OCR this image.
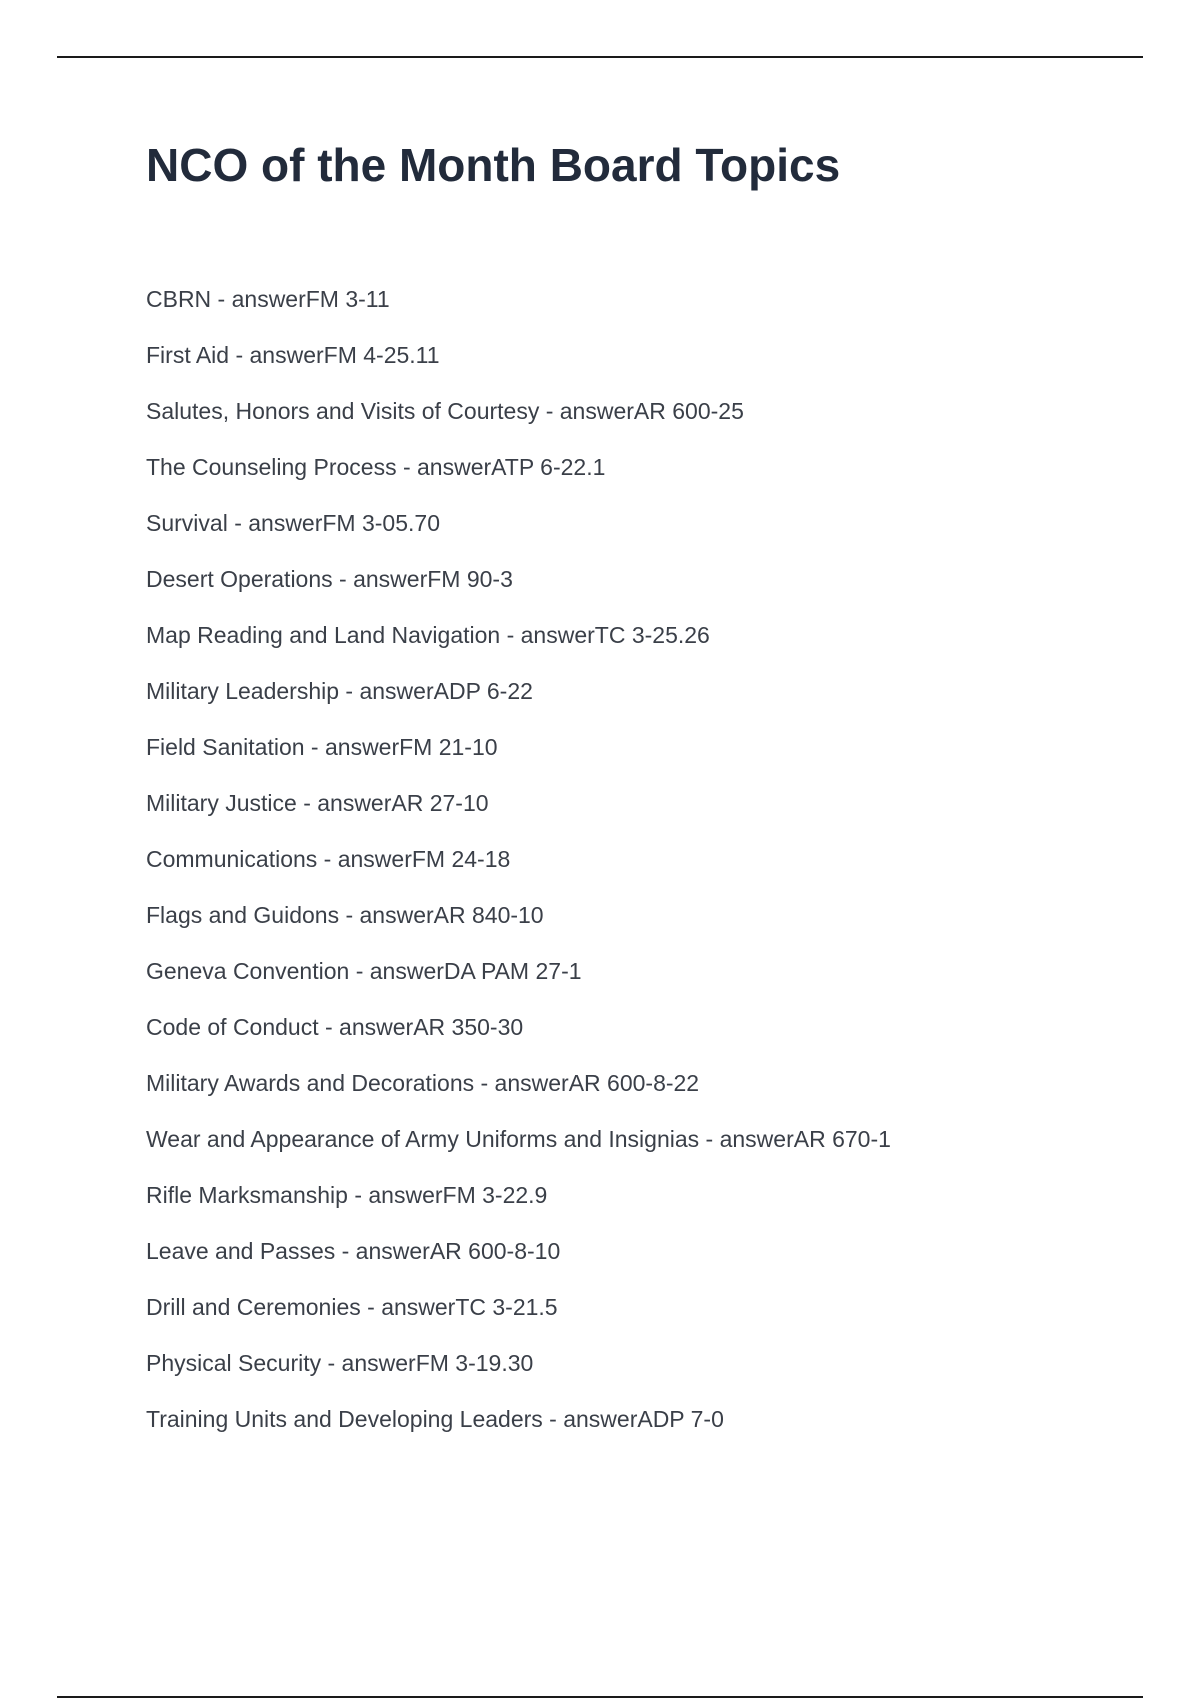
NCO of the Month Board Topics
CBRN - answerFM 3-11
First Aid - answerFM 4-25.11
Salutes, Honors and Visits of Courtesy - answerAR 600-25
The Counseling Process - answerATP 6-22.1
Survival - answerFM 3-05.70
Desert Operations - answerFM 90-3
Map Reading and Land Navigation - answerTC 3-25.26
Military Leadership - answerADP 6-22
Field Sanitation - answerFM 21-10
Military Justice - answerAR 27-10
Communications - answerFM 24-18
Flags and Guidons - answerAR 840-10
Geneva Convention - answerDA PAM 27-1
Code of Conduct - answerAR 350-30
Military Awards and Decorations - answerAR 600-8-22
Wear and Appearance of Army Uniforms and Insignias - answerAR 670-1
Rifle Marksmanship - answerFM 3-22.9
Leave and Passes - answerAR 600-8-10
Drill and Ceremonies - answerTC 3-21.5
Physical Security - answerFM 3-19.30
Training Units and Developing Leaders - answerADP 7-0
